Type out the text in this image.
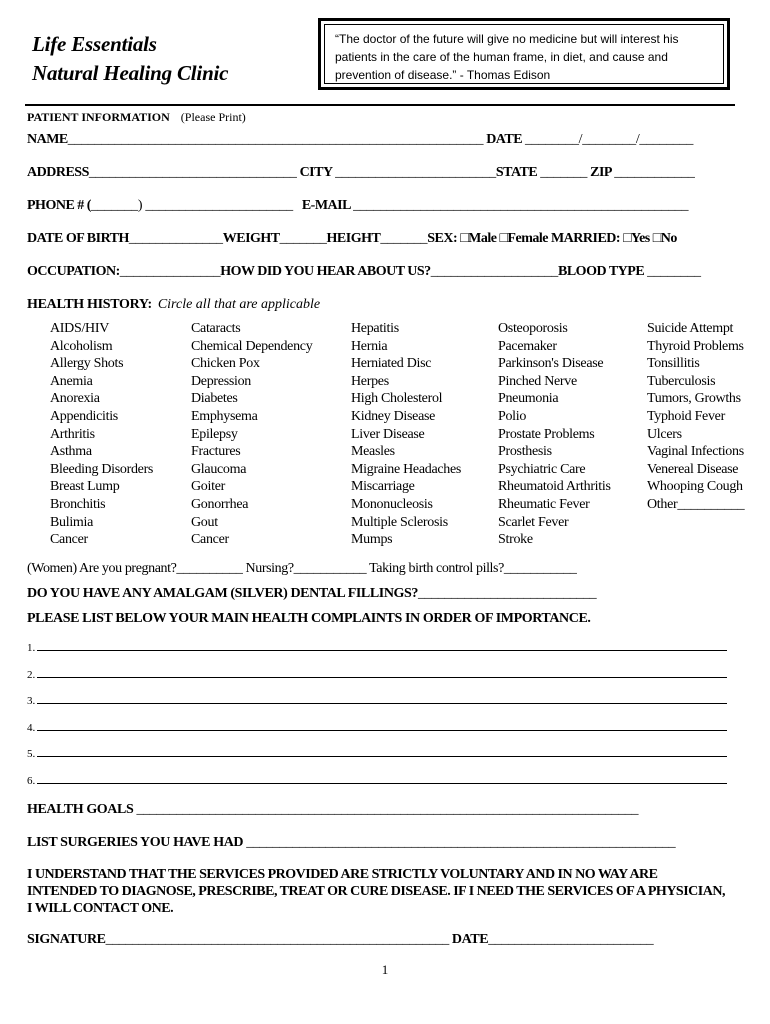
Life Essentials
Natural Healing Clinic
“The doctor of the future will give no medicine but will interest his patients in the care of the human frame, in diet, and cause and prevention of disease.” - Thomas Edison
PATIENT INFORMATION (Please Print)
NAME______________________________________________________________ DATE ________/________/________
ADDRESS_______________________________ CITY ________________________STATE _______ ZIP ____________
PHONE # (_______) ______________________ E-MAIL __________________________________________________
DATE OF BIRTH______________WEIGHT_______HEIGHT_______SEX: □Male □Female MARRIED: □Yes □No
OCCUPATION:_______________HOW DID YOU HEAR ABOUT US?___________________BLOOD TYPE ________
HEALTH HISTORY: Circle all that are applicable
AIDS/HIV
Alcoholism
Allergy Shots
Anemia
Anorexia
Appendicitis
Arthritis
Asthma
Bleeding Disorders
Breast Lump
Bronchitis
Bulimia
Cancer
Cataracts
Chemical Dependency
Chicken Pox
Depression
Diabetes
Emphysema
Epilepsy
Fractures
Glaucoma
Goiter
Gonorrhea
Gout
Cancer
Hepatitis
Hernia
Herniated Disc
Herpes
High Cholesterol
Kidney Disease
Liver Disease
Measles
Migraine Headaches
Miscarriage
Mononucleosis
Multiple Sclerosis
Mumps
Osteoporosis
Pacemaker
Parkinson's Disease
Pinched Nerve
Pneumonia
Polio
Prostate Problems
Prosthesis
Psychiatric Care
Rheumatoid Arthritis
Rheumatic Fever
Scarlet Fever
Stroke
Suicide Attempt
Thyroid Problems
Tonsillitis
Tuberculosis
Tumors, Growths
Typhoid Fever
Ulcers
Vaginal Infections
Venereal Disease
Whooping Cough
Other__________
(Women) Are you pregnant?__________ Nursing?___________ Taking birth control pills?___________
DO YOU HAVE ANY AMALGAM (SILVER) DENTAL FILLINGS?___________________________
PLEASE LIST BELOW YOUR MAIN HEALTH COMPLAINTS IN ORDER OF IMPORTANCE.
1.
2.
3.
4.
5.
6.
HEALTH GOALS ____________________________________________________________________________
LIST SURGERIES YOU HAVE HAD _________________________________________________________________
I UNDERSTAND THAT THE SERVICES PROVIDED ARE STRICTLY VOLUNTARY AND IN NO WAY ARE INTENDED TO DIAGNOSE, PRESCRIBE, TREAT OR CURE DISEASE. IF I NEED THE SERVICES OF A PHYSICIAN, I WILL CONTACT ONE.
SIGNATURE____________________________________________________ DATE_________________________
1
